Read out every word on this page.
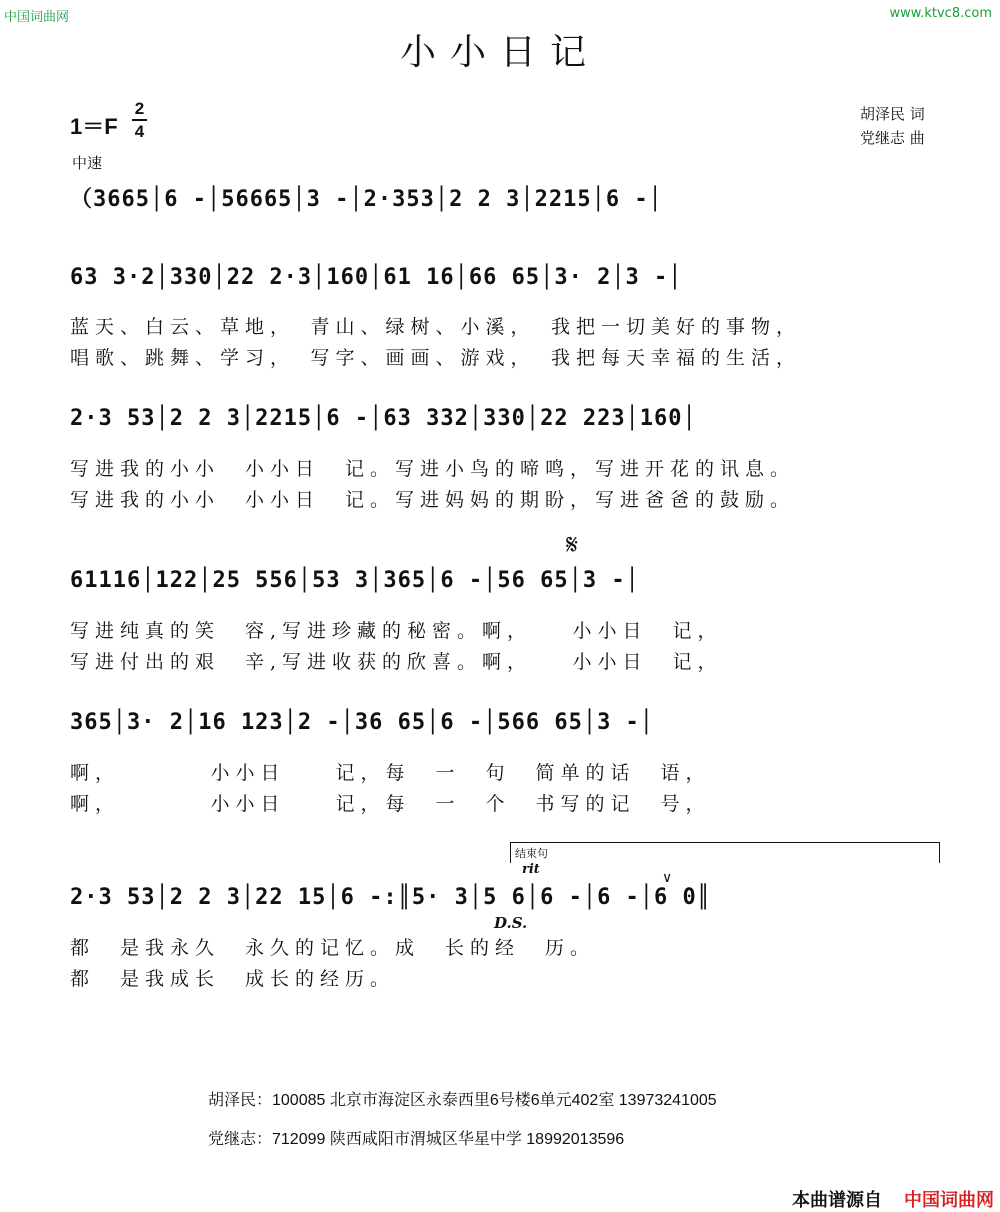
中国词曲网	www.ktvc8.com
小小日记
1＝F
2
4
中速
胡泽民 词
党继志 曲
（3665│6 -│56665│3 -│2·353│2 2 3│2215│6 -│
63 3·2│330│22 2·3│160│61 16│66 65│3· 2│3 -│
蓝天、白云、草地，　青山、绿树、小溪，　我把一切美好的事物，
唱歌、跳舞、学习，　写字、画画、游戏，　我把每天幸福的生活，
2·3 53│2 2 3│2215│6 -│63 332│330│22 223│160│
写进我的小小　小小日　记。写进小鸟的啼鸣，写进开花的讯息。
写进我的小小　小小日　记。写进妈妈的期盼，写进爸爸的鼓励。
𝄋
61116│122│25 556│53 3│365│6 -│56 65│3 -│
写进纯真的笑　容,写进珍藏的秘密。啊，　　小小日　记，
写进付出的艰　辛,写进收获的欣喜。啊，　　小小日　记，
365│3· 2│16 123│2 -│36 65│6 -│566 65│3 -│
啊，　　　　小小日　　记，每　一　句　简单的话　语，
啊，　　　　小小日　　记，每　一　个　书写的记　号，
结束句
rit
∨
2·3 53│2 2 3│22 15│6 -:║5· 3│5 6│6 -│6 -│6 0║
D.S.
都　是我永久　永久的记忆。成　长的经　历。
都　是我成长　成长的经历。
胡泽民：100085 北京市海淀区永泰西里6号楼6单元402室 13973241005
党继志：712099 陕西咸阳市渭城区华星中学 18992013596
本曲谱源自 中国词曲网
